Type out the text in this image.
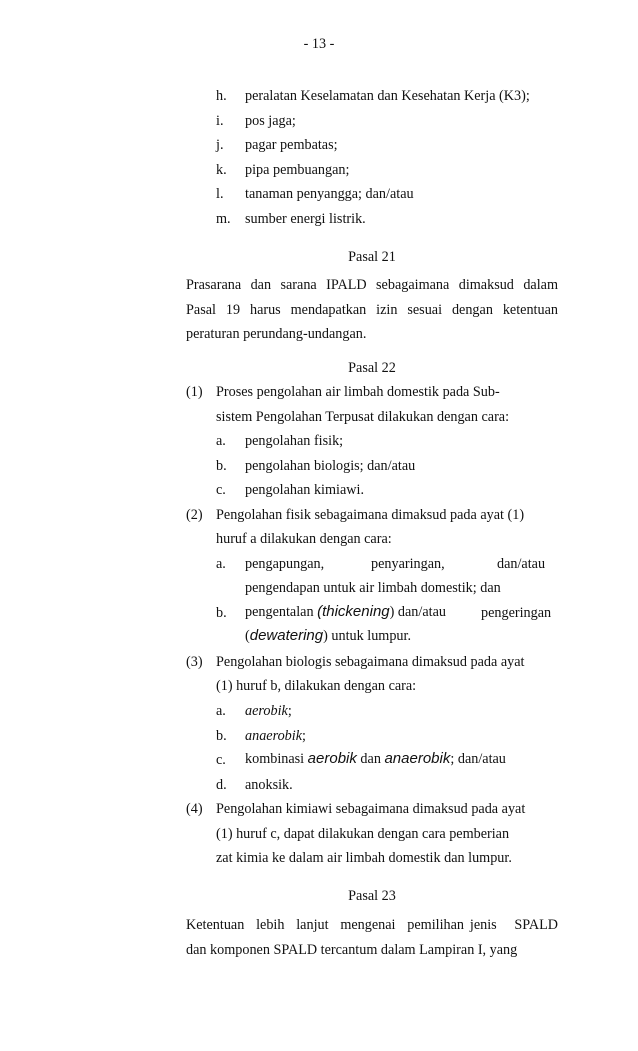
- 13 -
h. peralatan Keselamatan dan Kesehatan Kerja (K3);
i. pos jaga;
j. pagar pembatas;
k. pipa pembuangan;
l. tanaman penyangga; dan/atau
m. sumber energi listrik.
Pasal 21
Prasarana dan sarana IPALD sebagaimana dimaksud dalam
Pasal 19 harus mendapatkan izin sesuai dengan ketentuan
peraturan perundang-undangan.
Pasal 22
(1) Proses pengolahan air limbah domestik pada Sub-
sistem Pengolahan Terpusat dilakukan dengan cara:
a. pengolahan fisik;
b. pengolahan biologis; dan/atau
c. pengolahan kimiawi.
(2) Pengolahan fisik sebagaimana dimaksud pada ayat (1)
huruf a dilakukan dengan cara:
a. pengapungan,	penyaringan,	dan/atau
pengendapan untuk air limbah domestik; dan
b. pengentalan (thickening) dan/atau pengeringan
(dewatering) untuk lumpur.
(3) Pengolahan biologis sebagaimana dimaksud pada ayat
(1) huruf b, dilakukan dengan cara:
a. aerobik;
b. anaerobik;
c. kombinasi aerobik dan anaerobik; dan/atau
d. anoksik.
(4) Pengolahan kimiawi sebagaimana dimaksud pada ayat
(1) huruf c, dapat dilakukan dengan cara pemberian
zat kimia ke dalam air limbah domestik dan lumpur.
Pasal 23
Ketentuan  lebih  lanjut  mengenai  pemilihan jenis   SPALD
dan komponen SPALD tercantum dalam Lampiran I, yang
